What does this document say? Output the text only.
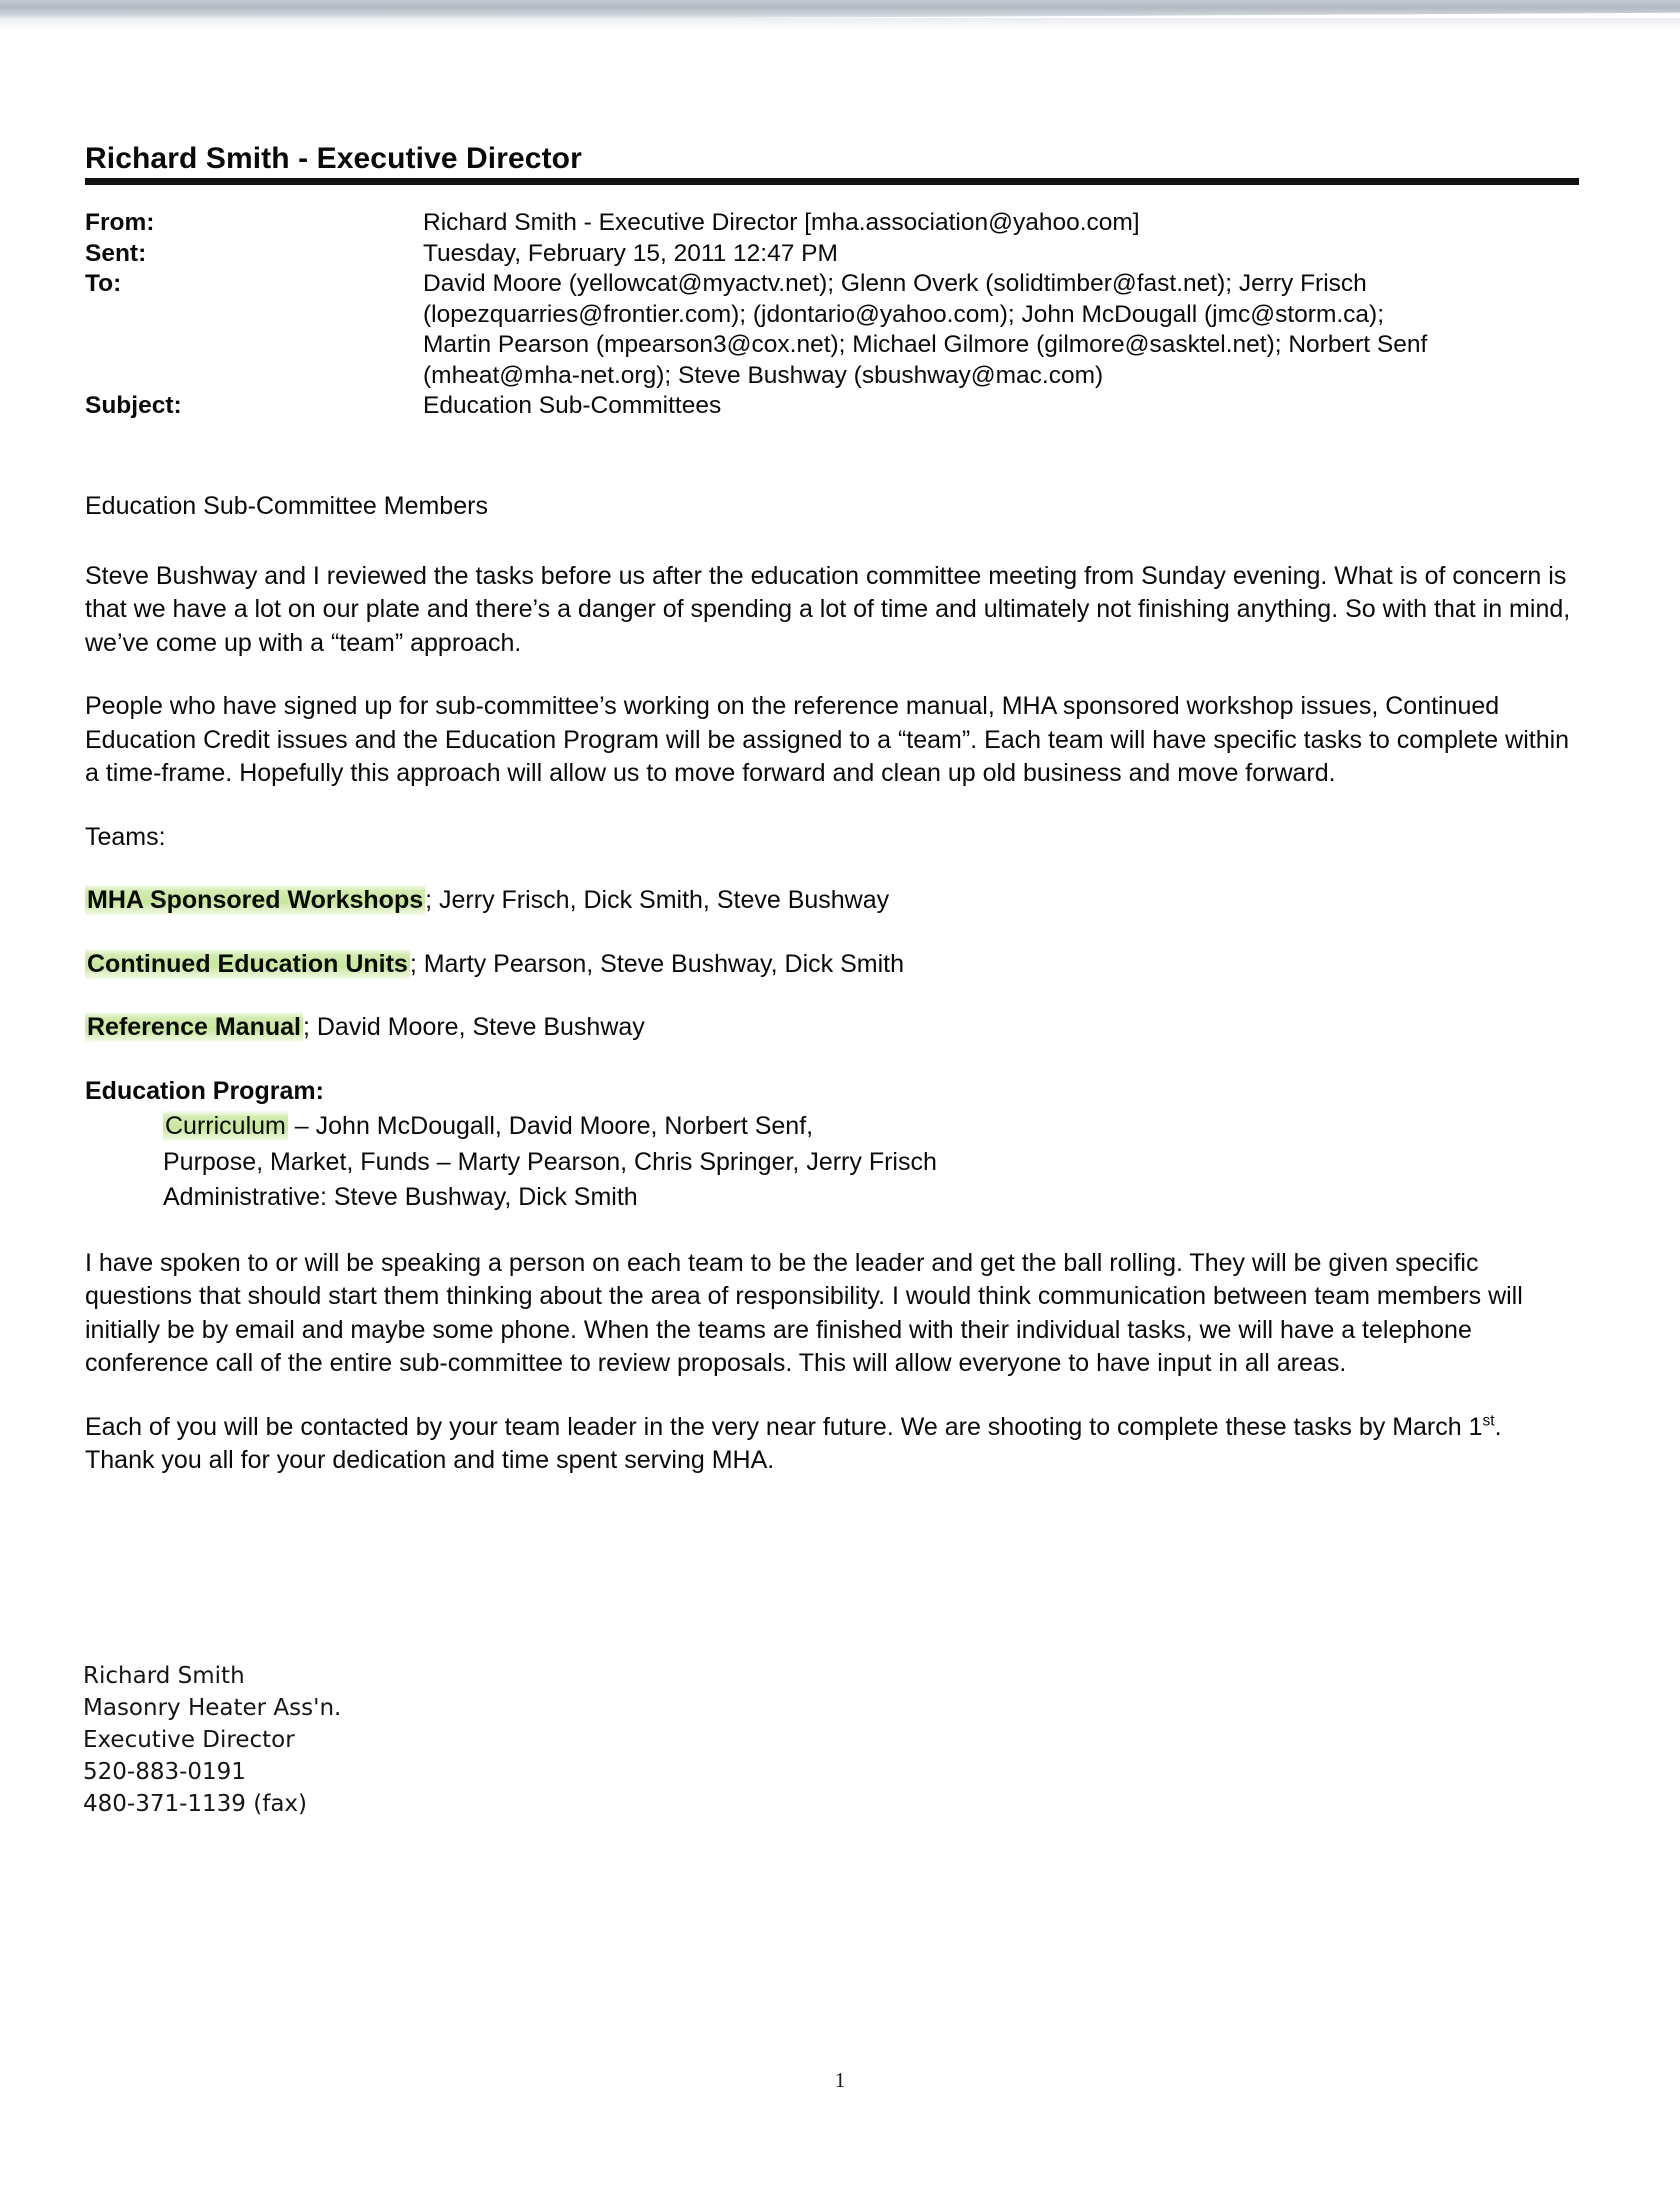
Richard Smith - Executive Director
From:	Richard Smith - Executive Director [mha.association@yahoo.com]
Sent:	Tuesday, February 15, 2011 12:47 PM
To:	David Moore (yellowcat@myactv.net); Glenn Overk (solidtimber@fast.net); Jerry Frisch
(lopezquarries@frontier.com); (jdontario@yahoo.com); John McDougall (jmc@storm.ca);
Martin Pearson (mpearson3@cox.net); Michael Gilmore (gilmore@sasktel.net); Norbert Senf
(mheat@mha-net.org); Steve Bushway (sbushway@mac.com)
Subject:	Education Sub-Committees

Education Sub-Committee Members

Steve Bushway and I reviewed the tasks before us after the education committee meeting from Sunday evening. What is of concern is that we have a lot on our plate and there’s a danger of spending a lot of time and ultimately not finishing anything. So with that in mind, we’ve come up with a “team” approach.

People who have signed up for sub-committee’s working on the reference manual, MHA sponsored workshop issues, Continued Education Credit issues and the Education Program will be assigned to a “team”. Each team will have specific tasks to complete within a time-frame. Hopefully this approach will allow us to move forward and clean up old business and move forward.

Teams:

MHA Sponsored Workshops; Jerry Frisch, Dick Smith, Steve Bushway

Continued Education Units; Marty Pearson, Steve Bushway, Dick Smith

Reference Manual; David Moore, Steve Bushway

Education Program:
Curriculum – John McDougall, David Moore, Norbert Senf,
Purpose, Market, Funds – Marty Pearson, Chris Springer, Jerry Frisch
Administrative: Steve Bushway, Dick Smith

I have spoken to or will be speaking a person on each team to be the leader and get the ball rolling. They will be given specific questions that should start them thinking about the area of responsibility. I would think communication between team members will initially be by email and maybe some phone. When the teams are finished with their individual tasks, we will have a telephone conference call of the entire sub-committee to review proposals. This will allow everyone to have input in all areas.

Each of you will be contacted by your team leader in the very near future. We are shooting to complete these tasks by March 1st. Thank you all for your dedication and time spent serving MHA.

Richard Smith
Masonry Heater Ass'n.
Executive Director
520-883-0191
480-371-1139 (fax)
1
